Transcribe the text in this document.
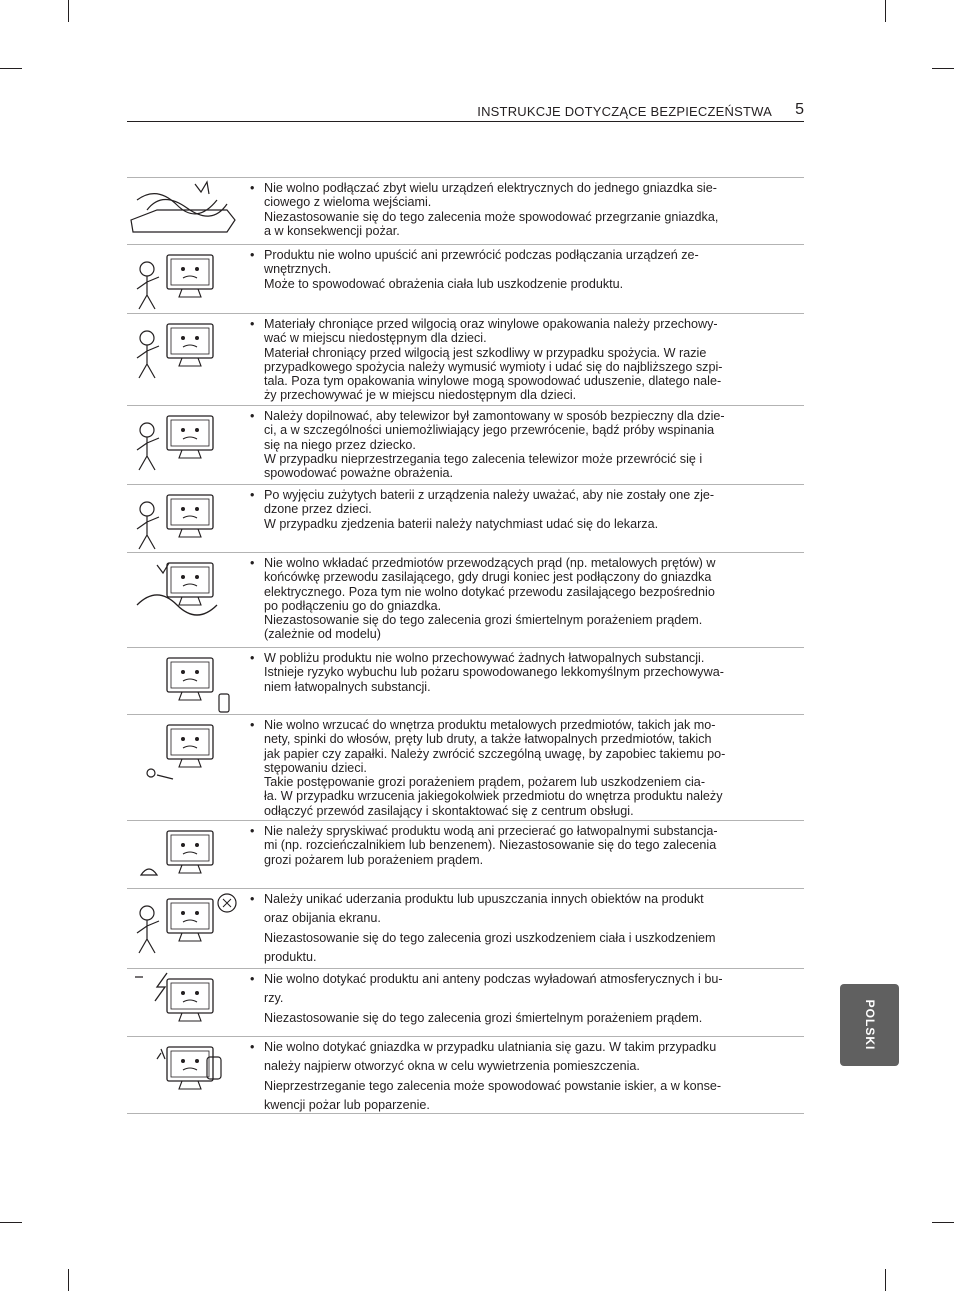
INSTRUKCJE DOTYCZĄCE BEZPIECZEŃSTWA 5
POLSKI
• Nie wolno podłączać zbyt wielu urządzeń elektrycznych do jednego gniazdka sie-
ciowego z wieloma wejściami.
Niezastosowanie się do tego zalecenia może spowodować przegrzanie gniazdka,
a w konsekwencji pożar.

• Produktu nie wolno upuścić ani przewrócić podczas podłączania urządzeń ze-
wnętrznych.
Może to spowodować obrażenia ciała lub uszkodzenie produktu.

• Materiały chroniące przed wilgocią oraz winylowe opakowania należy przechowy-
wać w miejscu niedostępnym dla dzieci.
Materiał chroniący przed wilgocią jest szkodliwy w przypadku spożycia. W razie
przypadkowego spożycia należy wymusić wymioty i udać się do najbliższego szpi-
tala. Poza tym opakowania winylowe mogą spowodować uduszenie, dlatego nale-
ży przechowywać je w miejscu niedostępnym dla dzieci.

• Należy dopilnować, aby telewizor był zamontowany w sposób bezpieczny dla dzie-
ci, a w szczególności uniemożliwiający jego przewrócenie, bądź próby wspinania
się na niego przez dziecko.
W przypadku nieprzestrzegania tego zalecenia telewizor może przewrócić się i
spowodować poważne obrażenia.

• Po wyjęciu zużytych baterii z urządzenia należy uważać, aby nie zostały one zje-
dzone przez dzieci.
W przypadku zjedzenia baterii należy natychmiast udać się do lekarza.

• Nie wolno wkładać przedmiotów przewodzących prąd (np. metalowych prętów) w
końcówkę przewodu zasilającego, gdy drugi koniec jest podłączony do gniazdka
elektrycznego. Poza tym nie wolno dotykać przewodu zasilającego bezpośrednio
po podłączeniu go do gniazdka.
Niezastosowanie się do tego zalecenia grozi śmiertelnym porażeniem prądem.
(zależnie od modelu)

• W pobliżu produktu nie wolno przechowywać żadnych łatwopalnych substancji.
Istnieje ryzyko wybuchu lub pożaru spowodowanego lekkomyślnym przechowywa-
niem łatwopalnych substancji.

• Nie wolno wrzucać do wnętrza produktu metalowych przedmiotów, takich jak mo-
nety, spinki do włosów, pręty lub druty, a także łatwopalnych przedmiotów, takich
jak papier czy zapałki. Należy zwrócić szczególną uwagę, by zapobiec takiemu po-
stępowaniu dzieci.
Takie postępowanie grozi porażeniem prądem, pożarem lub uszkodzeniem cia-
ła. W przypadku wrzucenia jakiegokolwiek przedmiotu do wnętrza produktu należy
odłączyć przewód zasilający i skontaktować się z centrum obsługi.

• Nie należy spryskiwać produktu wodą ani przecierać go łatwopalnymi substancja-
mi (np. rozcieńczalnikiem lub benzenem). Niezastosowanie się do tego zalecenia
grozi pożarem lub porażeniem prądem.

• Należy unikać uderzania produktu lub upuszczania innych obiektów na produkt
oraz obijania ekranu.
Niezastosowanie się do tego zalecenia grozi uszkodzeniem ciała i uszkodzeniem
produktu.

• Nie wolno dotykać produktu ani anteny podczas wyładowań atmosferycznych i bu-
rzy.
Niezastosowanie się do tego zalecenia grozi śmiertelnym porażeniem prądem.

• Nie wolno dotykać gniazdka w przypadku ulatniania się gazu. W takim przypadku
należy najpierw otworzyć okna w celu wywietrzenia pomieszczenia.
Nieprzestrzeganie tego zalecenia może spowodować powstanie iskier, a w konse-
kwencji pożar lub poparzenie.
